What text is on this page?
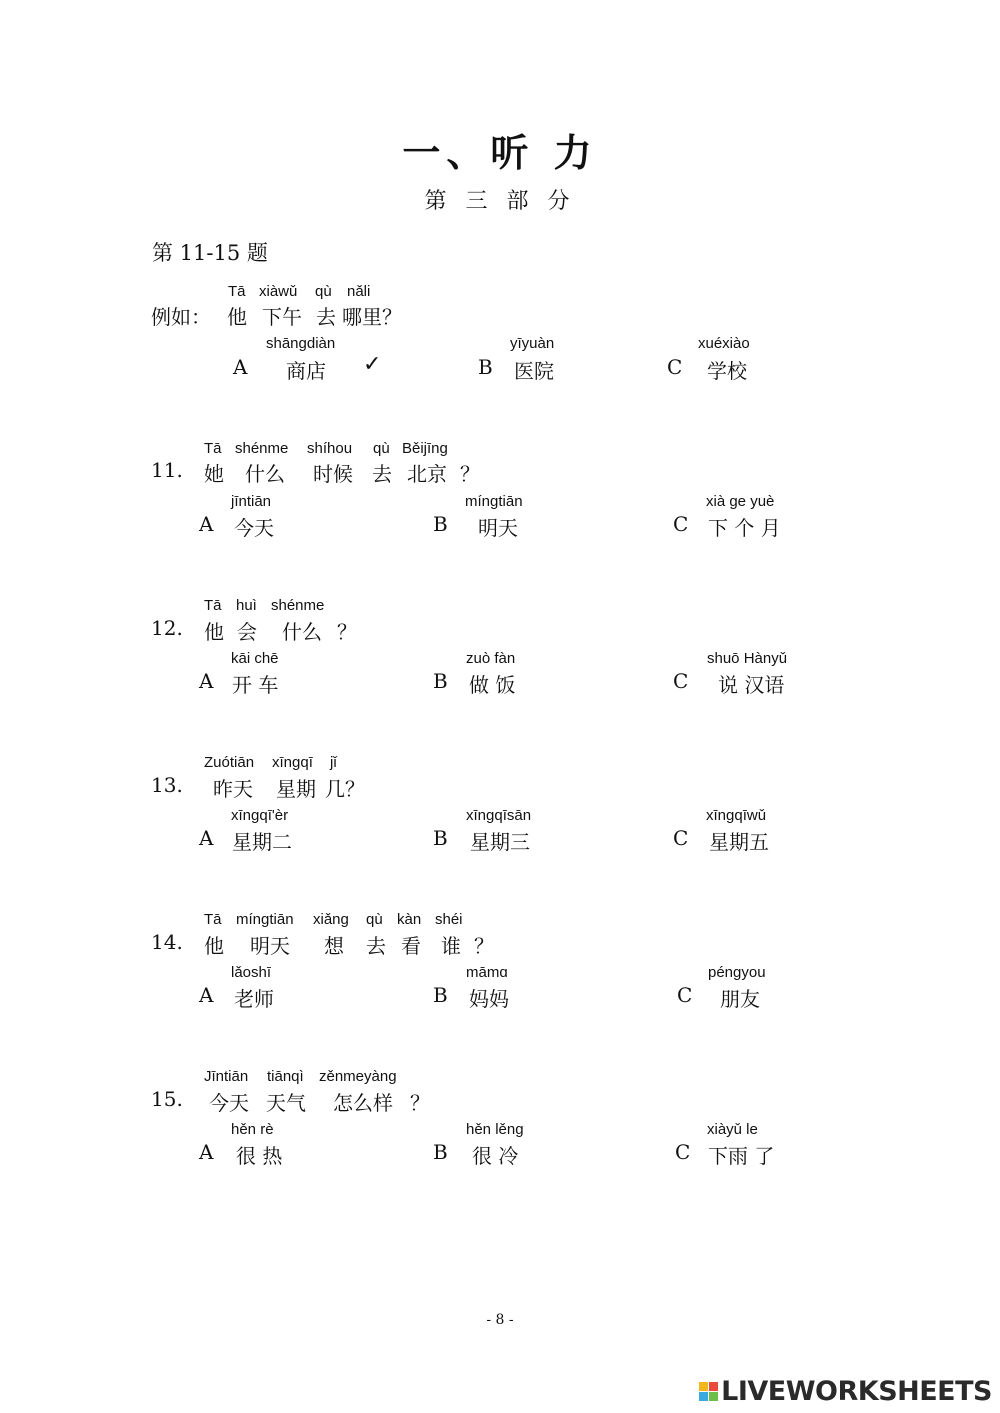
一、听 力
第 三 部 分
第 11-15 题
Tā xiàwǔ qù nǎli
例如： 他 下午 去 哪里？
shāngdiàn
A 商店 ✓
yīyuàn
B 医院
xuéxiào
C 学校
Tā shénme shíhou qù Běijīng
11. 她 什么 时候 去 北京 ？
jīntiān
A 今天
míngtiān
B 明天
xià ge yuè
C 下 个 月
Tā huì shénme
12. 他 会 什么 ？
kāi chē
A 开 车
zuò fàn
B 做 饭
shuō Hànyǔ
C 说 汉语
Zuótiān xīngqī jǐ
13. 昨天 星期 几？
xīngqī'èr
A 星期二
xīngqīsān
B 星期三
xīngqīwǔ
C 星期五
Tā míngtiān xiǎng qù kàn shéi
14. 他 明天 想 去 看 谁 ？
lǎoshī
A 老师
māmɑ
B 妈妈
péngyou
C 朋友
Jīntiān tiānqì zěnmeyàng
15. 今天 天气 怎么样 ？
hěn rè
A 很 热
hěn lěng
B 很 冷
xiàyǔ le
C 下雨 了
- 8 -
LIVEWORKSHEETS
